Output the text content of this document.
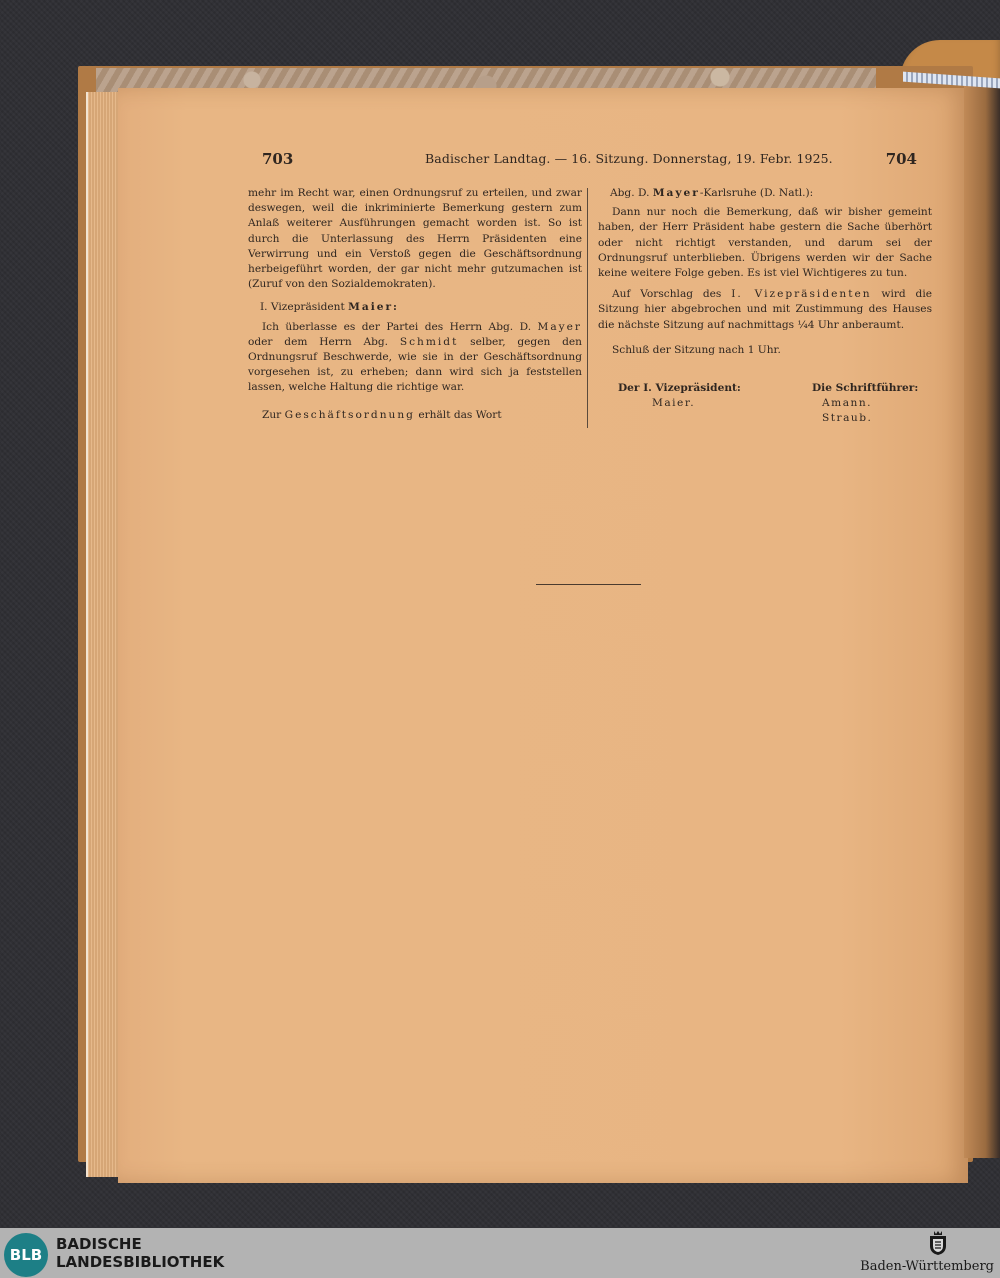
703	Badischer Landtag. — 16. Sitzung. Donnerstag, 19. Febr. 1925.	704

mehr im Recht war, einen Ordnungsruf zu erteilen, und zwar deswegen, weil die inkriminierte Bemerkung gestern zum Anlaß weiterer Ausführungen gemacht worden ist. So ist durch die Unterlassung des Herrn Präsidenten eine Verwirrung und ein Verstoß gegen die Geschäftsordnung herbeigeführt worden, der gar nicht mehr gutzumachen ist (Zuruf von den Sozialdemokraten).

I. Vizepräsident Maier:

Ich überlasse es der Partei des Herrn Abg. D. Mayer oder dem Herrn Abg. Schmidt selber, gegen den Ordnungsruf Beschwerde, wie sie in der Geschäftsordnung vorgesehen ist, zu erheben; dann wird sich ja feststellen lassen, welche Haltung die richtige war.

Zur Geschäftsordnung erhält das Wort

Abg. D. Mayer-Karlsruhe (D. Natl.):

Dann nur noch die Bemerkung, daß wir bisher gemeint haben, der Herr Präsident habe gestern die Sache überhört oder nicht richtigt verstanden, und darum sei der Ordnungsruf unterblieben. Übrigens werden wir der Sache keine weitere Folge geben. Es ist viel Wichtigeres zu tun.

Auf Vorschlag des I. Vizepräsidenten wird die Sitzung hier abgebrochen und mit Zustimmung des Hauses die nächste Sitzung auf nachmittags ¼4 Uhr anberaumt.

Schluß der Sitzung nach 1 Uhr.

Der I. Vizepräsident:
Maier.
Die Schriftführer:
Amann.
Straub.
BLB
BADISCHE
LANDESBIBLIOTHEK	Baden-Württemberg
